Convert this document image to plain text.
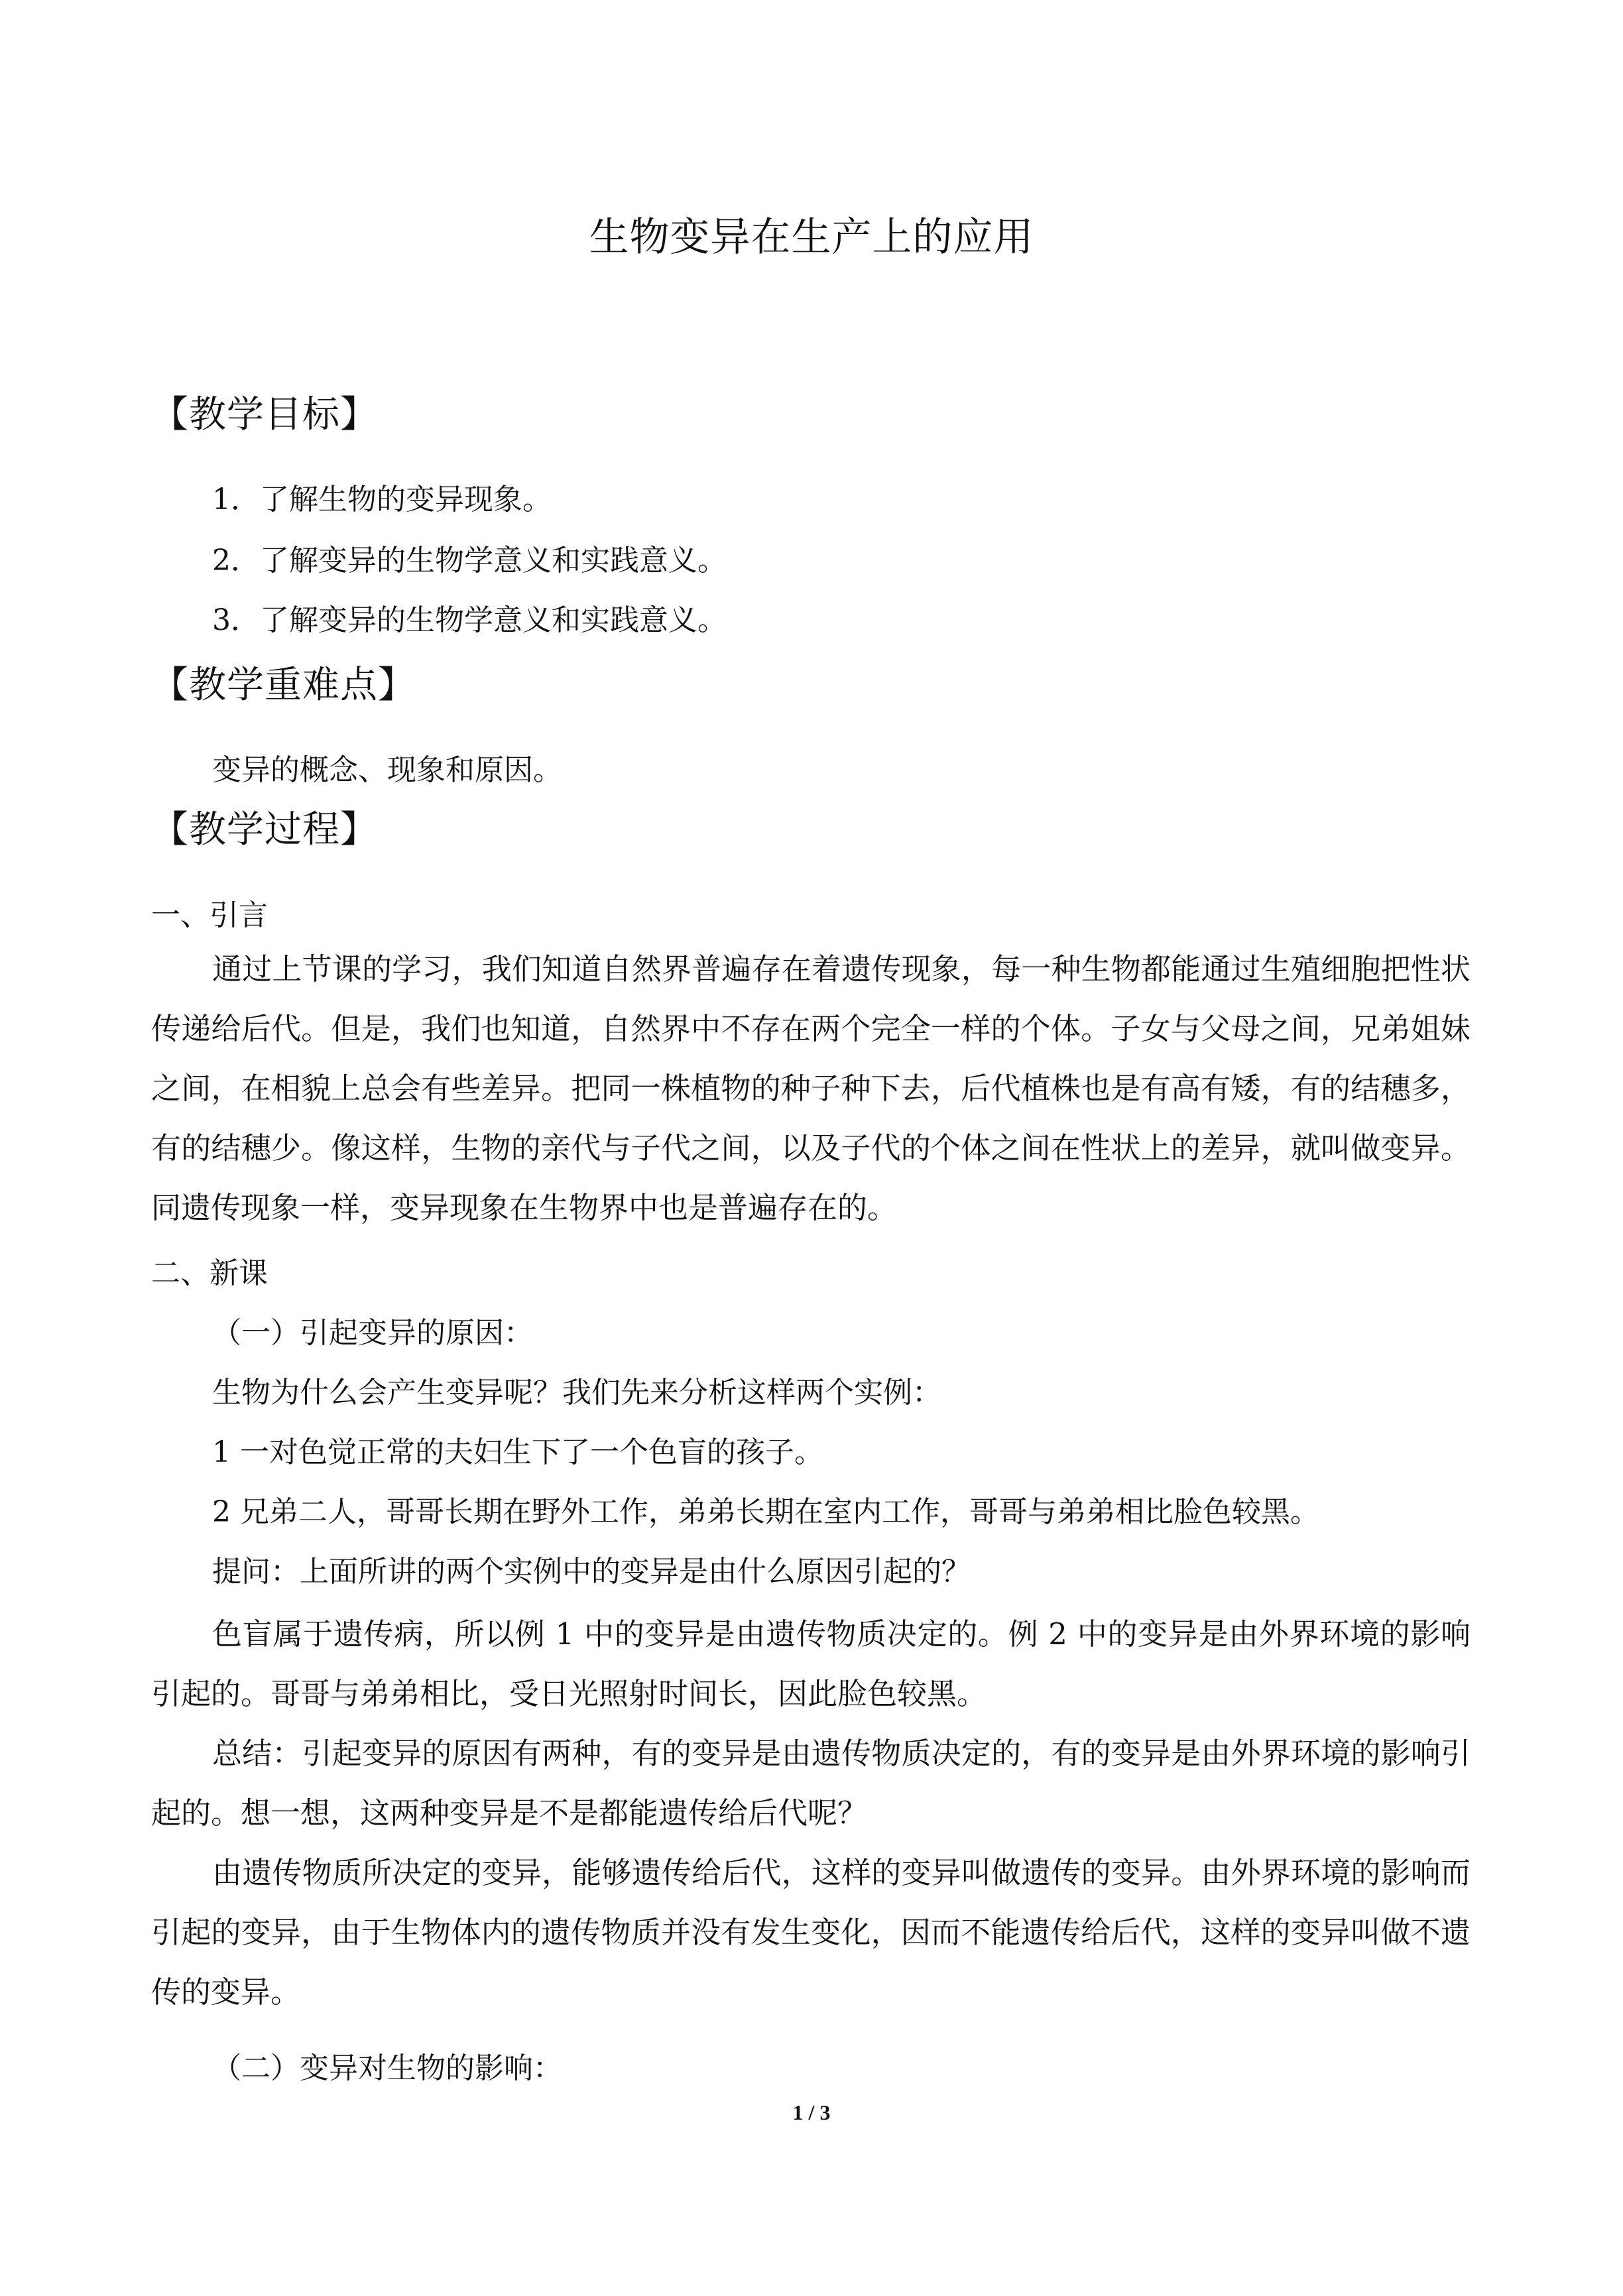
生物变异在生产上的应用
【教学目标】
1．了解生物的变异现象。
2．了解变异的生物学意义和实践意义。
3．了解变异的生物学意义和实践意义。
【教学重难点】
变异的概念、现象和原因。
【教学过程】
一、引言
通过上节课的学习，我们知道自然界普遍存在着遗传现象，每一种生物都能通过生殖细胞把性状传递给后代。但是，我们也知道，自然界中不存在两个完全一样的个体。子女与父母之间，兄弟姐妹之间，在相貌上总会有些差异。把同一株植物的种子种下去，后代植株也是有高有矮，有的结穗多，有的结穗少。像这样，生物的亲代与子代之间，以及子代的个体之间在性状上的差异，就叫做变异。同遗传现象一样，变异现象在生物界中也是普遍存在的。
二、新课
（一）引起变异的原因：
生物为什么会产生变异呢？我们先来分析这样两个实例：
1 一对色觉正常的夫妇生下了一个色盲的孩子。
2 兄弟二人，哥哥长期在野外工作，弟弟长期在室内工作，哥哥与弟弟相比脸色较黑。
提问：上面所讲的两个实例中的变异是由什么原因引起的？
色盲属于遗传病，所以例 1 中的变异是由遗传物质决定的。例 2 中的变异是由外界环境的影响引起的。哥哥与弟弟相比，受日光照射时间长，因此脸色较黑。
总结：引起变异的原因有两种，有的变异是由遗传物质决定的，有的变异是由外界环境的影响引起的。想一想，这两种变异是不是都能遗传给后代呢？
由遗传物质所决定的变异，能够遗传给后代，这样的变异叫做遗传的变异。由外界环境的影响而引起的变异，由于生物体内的遗传物质并没有发生变化，因而不能遗传给后代，这样的变异叫做不遗传的变异。
（二）变异对生物的影响：
1 / 3
